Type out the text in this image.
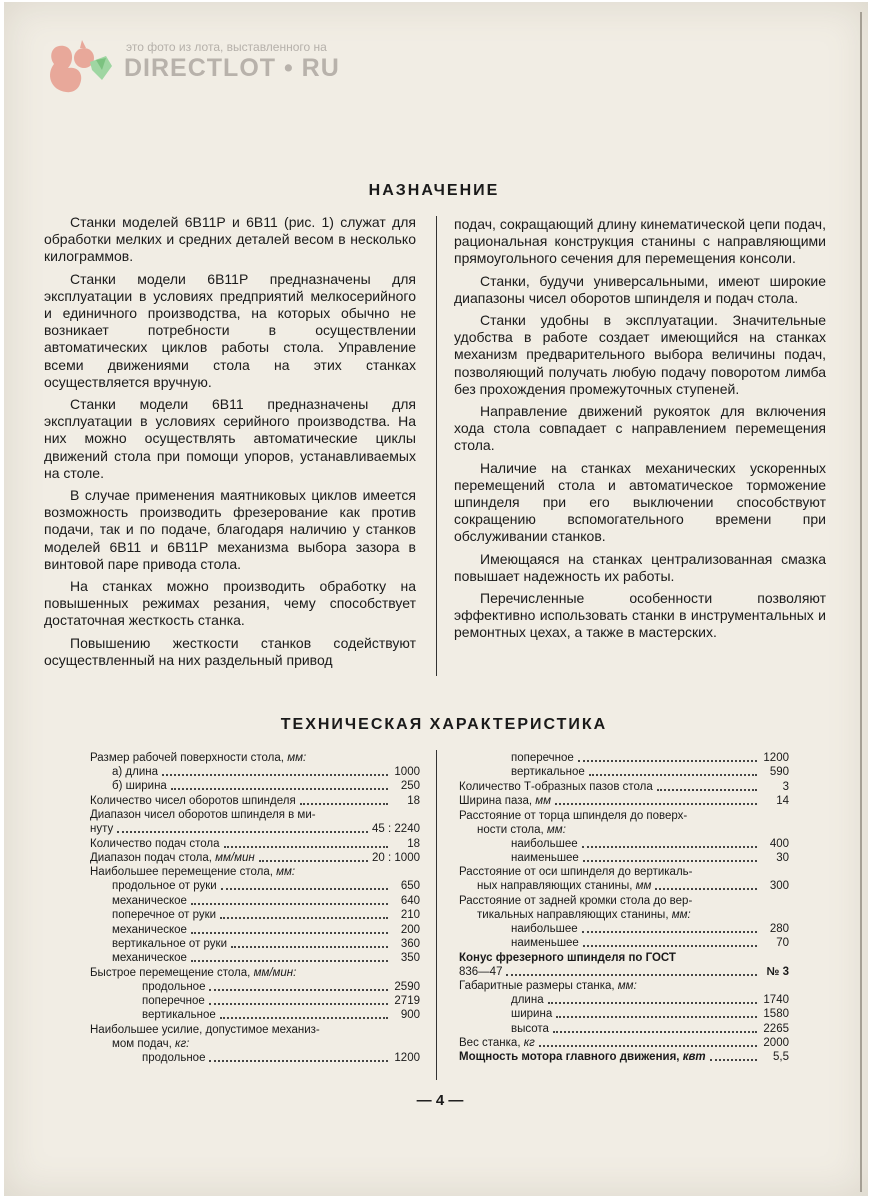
это фото из лота, выставленного на
DIRECTLOT • RU
НАЗНАЧЕНИЕ

Станки моделей 6В11Р и 6В11 (рис. 1) служат для обработки мелких и средних деталей весом в несколько килограммов.

Станки модели 6В11Р предназначены для эксплуатации в условиях предприятий мелкосерийного и единичного производства, на которых обычно не возникает потребности в осуществлении автоматических циклов работы стола. Управление всеми движениями стола на этих станках осуществляется вручную.

Станки модели 6В11 предназначены для эксплуатации в условиях серийного производства. На них можно осуществлять автоматические циклы движений стола при помощи упоров, устанавливаемых на столе.

В случае применения маятниковых циклов имеется возможность производить фрезерование как против подачи, так и по подаче, благодаря наличию у станков моделей 6В11 и 6В11Р механизма выбора зазора в винтовой паре привода стола.

На станках можно производить обработку на повышенных режимах резания, чему способствует достаточная жесткость станка.

Повышению жесткости станков содействуют осуществленный на них раздельный привод

подач, сокращающий длину кинематической цепи подач, рациональная конструкция станины с направляющими прямоугольного сечения для перемещения консоли.

Станки, будучи универсальными, имеют широкие диапазоны чисел оборотов шпинделя и подач стола.

Станки удобны в эксплуатации. Значительные удобства в работе создает имеющийся на станках механизм предварительного выбора величины подач, позволяющий получать любую подачу поворотом лимба без прохождения промежуточных ступеней.

Направление движений рукояток для включения хода стола совпадает с направлением перемещения стола.

Наличие на станках механических ускоренных перемещений стола и автоматическое торможение шпинделя при его выключении способствуют сокращению вспомогательного времени при обслуживании станков.

Имеющаяся на станках централизованная смазка повышает надежность их работы.

Перечисленные особенности позволяют эффективно использовать станки в инструментальных и ремонтных цехах, а также в мастерских.

ТЕХНИЧЕСКАЯ ХАРАКТЕРИСТИКА
Размер рабочей поверхности стола, мм:
а) длина	1000
б) ширина	250
Количество чисел оборотов шпинделя	18
Диапазон чисел оборотов шпинделя в ми-
нуту	45 : 2240
Количество подач стола	18
Диапазон подач стола, мм/мин	20 : 1000
Наибольшее перемещение стола, мм:
продольное от руки	650
механическое	640
поперечное от руки	210
механическое	200
вертикальное от руки	360
механическое	350
Быстрое перемещение стола, мм/мин:
продольное	2590
поперечное	2719
вертикальное	900
Наибольшее усилие, допустимое механиз-
мом подач, кг:
продольное	1200
поперечное	1200
вертикальное	590
Количество Т-образных пазов стола	3
Ширина паза, мм	14
Расстояние от торца шпинделя до поверх-
ности стола, мм:
наибольшее	400
наименьшее	30
Расстояние от оси шпинделя до вертикаль-
ных направляющих станины, мм	300
Расстояние от задней кромки стола до вер-
тикальных направляющих станины, мм:
наибольшее	280
наименьшее	70
Конус фрезерного шпинделя по ГОСТ
836—47	№ 3
Габаритные размеры станка, мм:
длина	1740
ширина	1580
высота	2265
Вес станка, кг	2000
Мощность мотора главного движения, квт	5,5
— 4 —
